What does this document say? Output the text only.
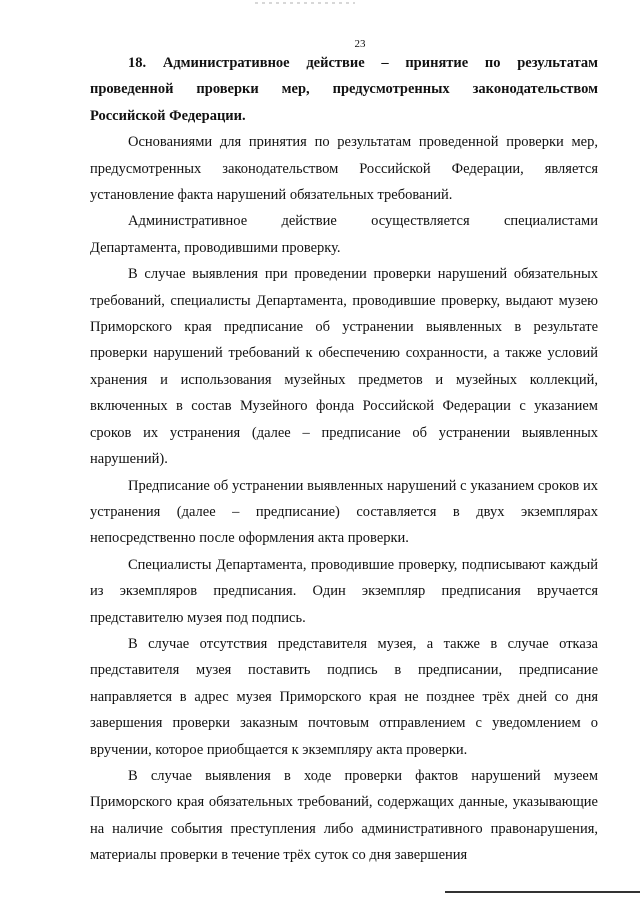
23

18. Административное действие – принятие по результатам проведенной проверки мер, предусмотренных законодательством Российской Федерации.

Основаниями для принятия по результатам проведенной проверки мер, предусмотренных законодательством Российской Федерации, является установление факта нарушений обязательных требований.

Административное действие осуществляется специалистами Департамента, проводившими проверку.

В случае выявления при проведении проверки нарушений обязательных требований, специалисты Департамента, проводившие проверку, выдают музею Приморского края предписание об устранении выявленных в результате проверки нарушений требований к обеспечению сохранности, а также условий хранения и использования музейных предметов и музейных коллекций, включенных в состав Музейного фонда Российской Федерации с указанием сроков их устранения (далее – предписание об устранении выявленных нарушений).

Предписание об устранении выявленных нарушений с указанием сроков их устранения (далее – предписание) составляется в двух экземплярах непосредственно после оформления акта проверки.

Специалисты Департамента, проводившие проверку, подписывают каждый из экземпляров предписания. Один экземпляр предписания вручается представителю музея под подпись.

В случае отсутствия представителя музея, а также в случае отказа представителя музея поставить подпись в предписании, предписание направляется в адрес музея Приморского края не позднее трёх дней со дня завершения проверки заказным почтовым отправлением с уведомлением о вручении, которое приобщается к экземпляру акта проверки.

В случае выявления в ходе проверки фактов нарушений музеем Приморского края обязательных требований, содержащих данные, указывающие на наличие события преступления либо административного правонарушения, материалы проверки в течение трёх суток со дня завершения
